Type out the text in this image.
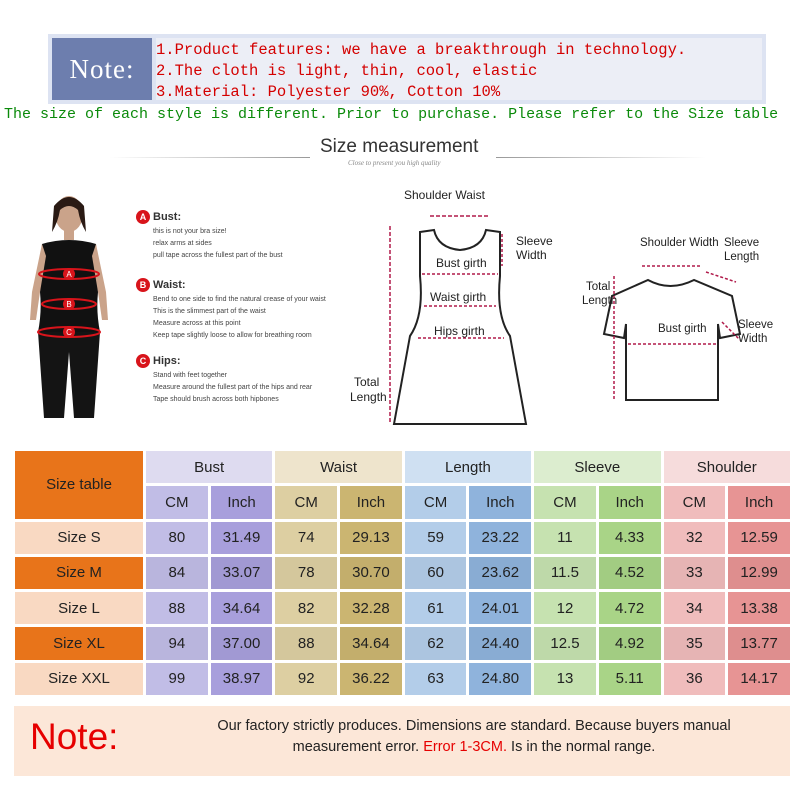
Note:
1.Product features: we have a breakthrough in technology.
2.The cloth is light, thin, cool, elastic
3.Material: Polyester 90%, Cotton 10%
The size of each style is different. Prior to purchase. Please refer to the Size table
Size measurement
Close to present you high quality
A
B
C
A Bust:
this is not your bra size!
relax arms at sides
pull tape across the fullest part of the bust
B Waist:
Bend to one side to find the natural crease of your waist
This is the slimmest part of the waist
Measure across at this point
Keep tape slightly loose to allow for breathing room
C Hips:
Stand with feet together
Measure around the fullest part of the hips and rear
Tape should brush across both hipbones
Shoulder Waist
Sleeve
Width
Bust girth
Waist girth
Hips girth
Total
Length
Shoulder Width Sleeve
Length
Total
Length
Bust girth	Sleeve
Width
Size table	Bust		Waist		Length		Sleeve		Shoulder	
	CM	Inch	CM	Inch	CM	Inch	CM	Inch	CM	Inch
Size S	80	31.49	74	29.13	59	23.22	11	4.33	32	12.59
Size M	84	33.07	78	30.70	60	23.62	11.5	4.52	33	12.99
Size L	88	34.64	82	32.28	61	24.01	12	4.72	34	13.38
Size XL	94	37.00	88	34.64	62	24.40	12.5	4.92	35	13.77
Size XXL	99	38.97	92	36.22	63	24.80	13	5.11	36	14.17
Note:	Our factory strictly produces. Dimensions are standard. Because buyers manual
measurement error. Error 1-3CM. Is in the normal range.
